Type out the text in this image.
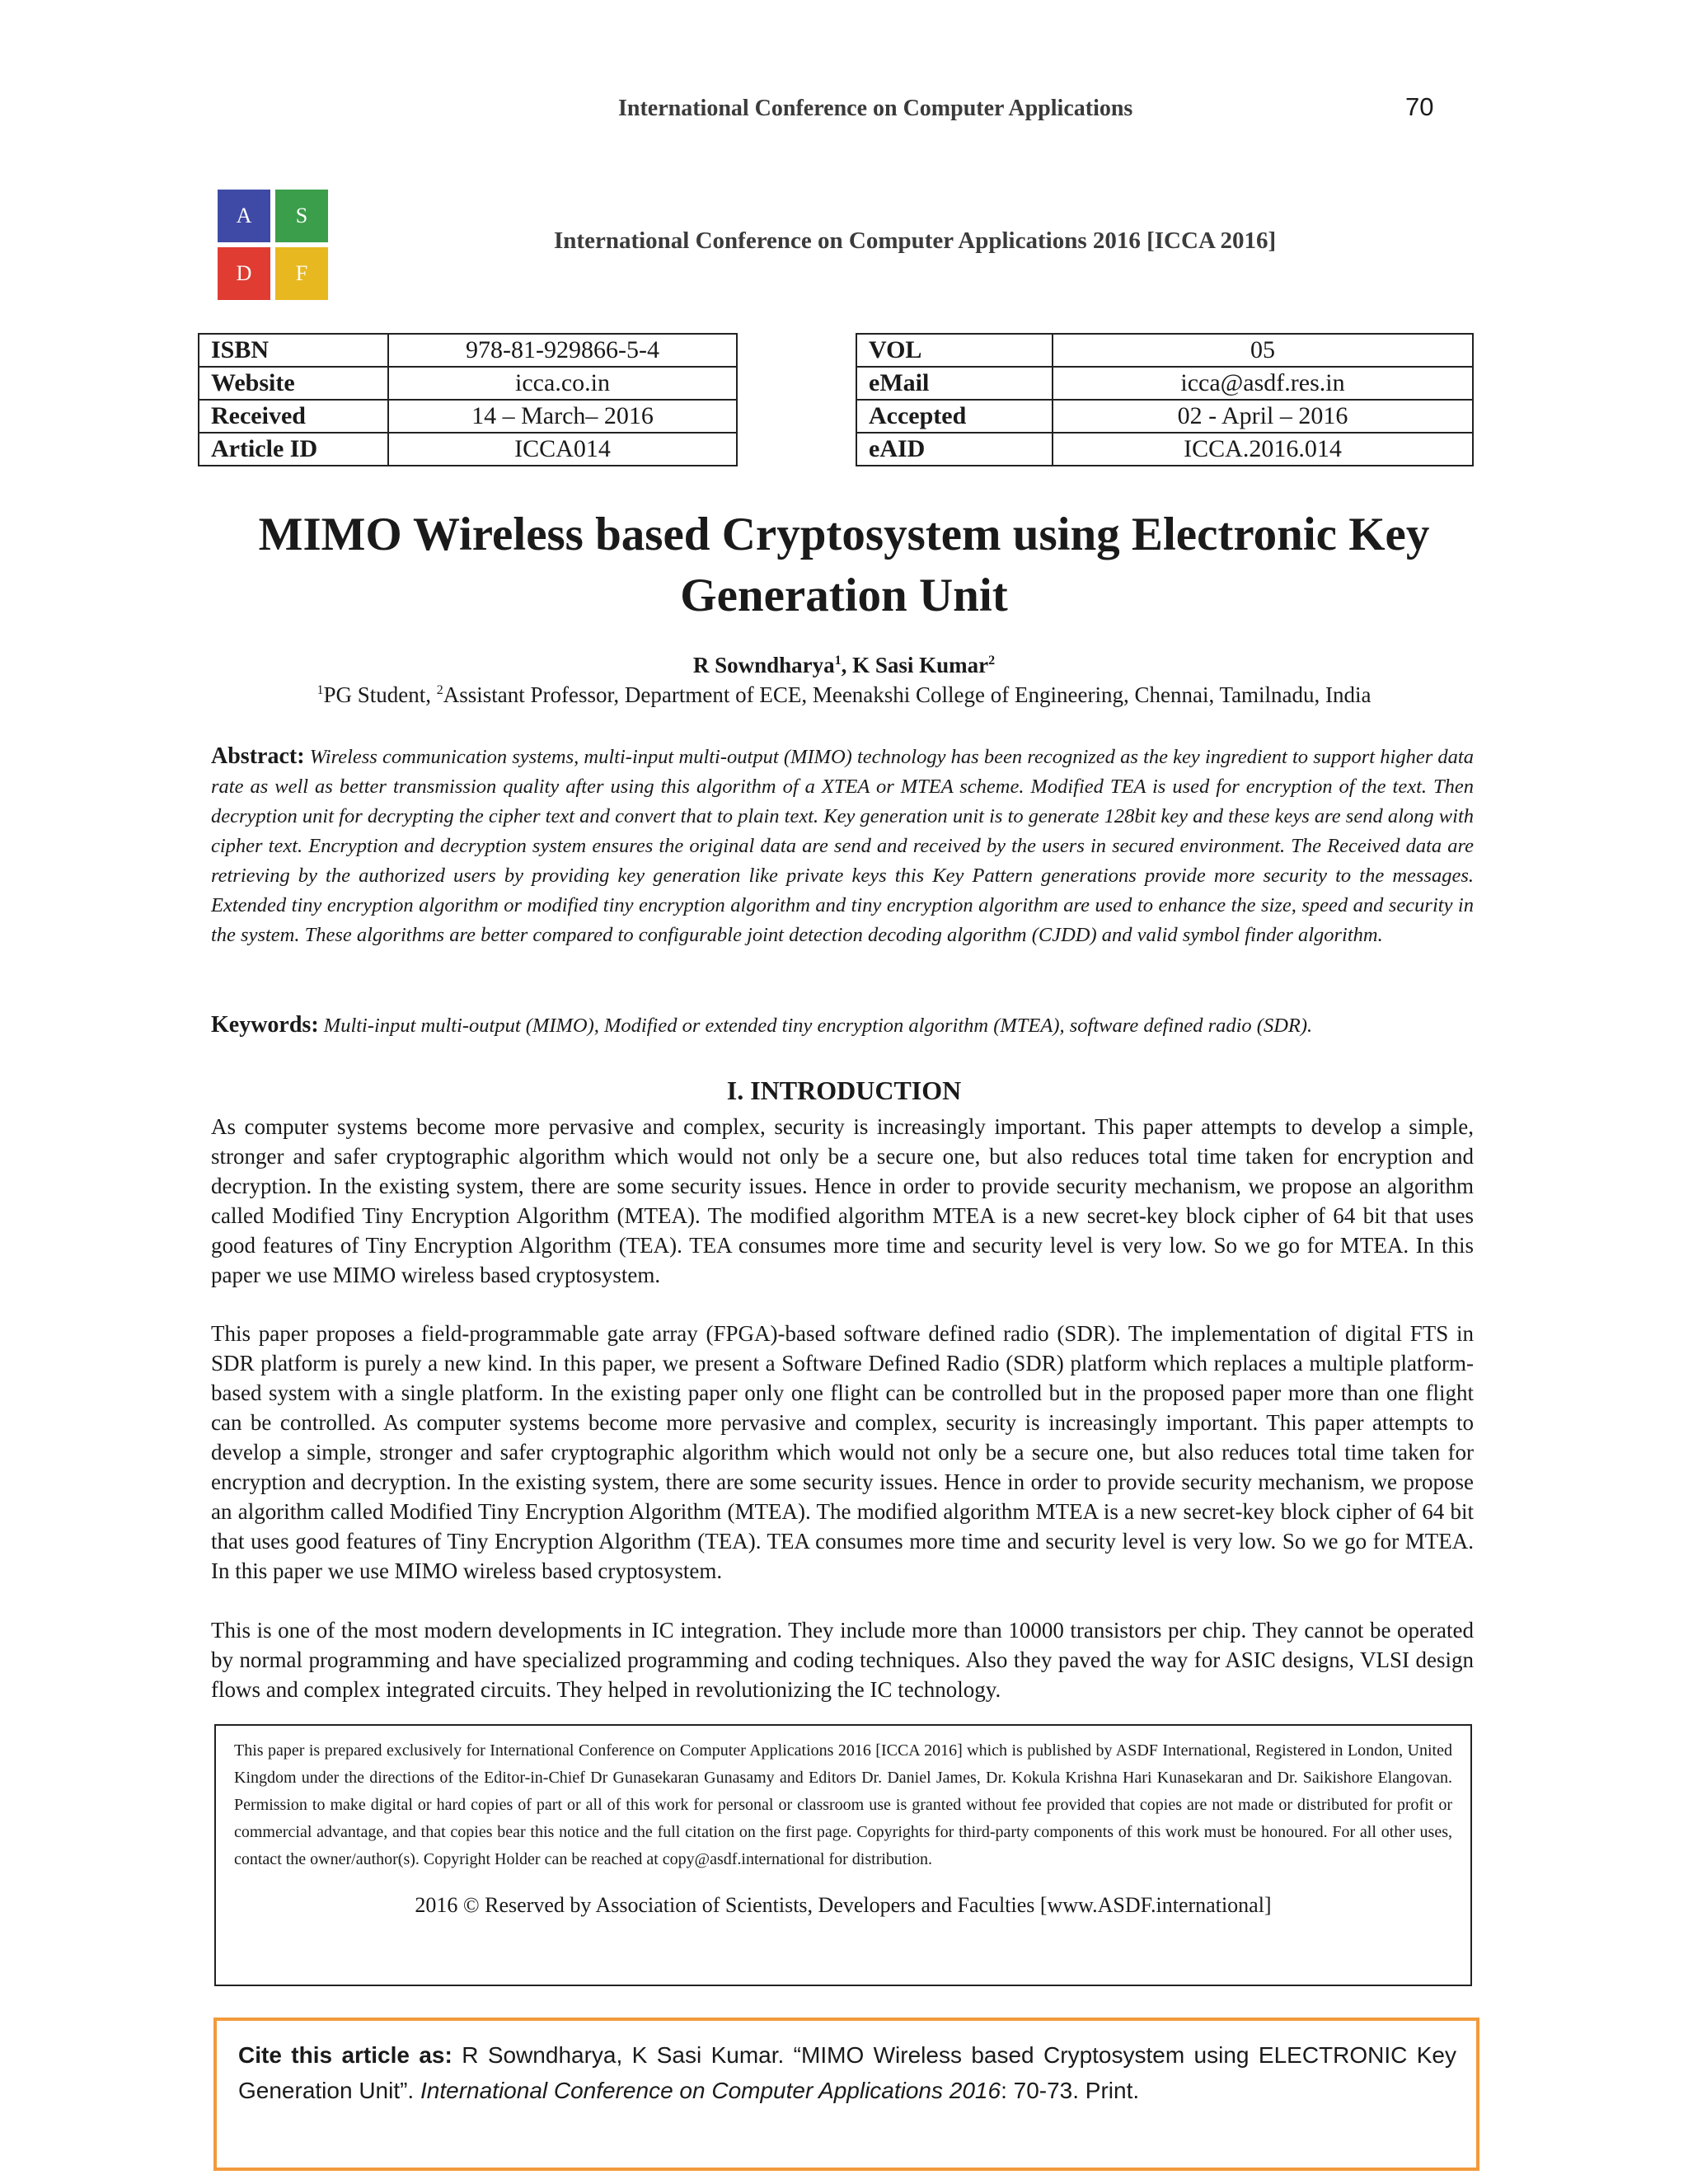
International Conference on Computer Applications	70
A	S
D	F
International Conference on Computer Applications 2016 [ICCA 2016]
ISBN	978-81-929866-5-4
Website	icca.co.in
Received	14 – March– 2016
Article ID	ICCA014
VOL	05
eMail	icca@asdf.res.in
Accepted	02 - April – 2016
eAID	ICCA.2016.014
MIMO Wireless based Cryptosystem using Electronic Key
Generation Unit
R Sowndharya$^1$, K Sasi Kumar$^2$
$^1$PG Student, $^2$Assistant Professor, Department of ECE, Meenakshi College of Engineering, Chennai, Tamilnadu, India
Abstract: Wireless communication systems, multi-input multi-output (MIMO) technology has been recognized as the key ingredient to support higher data rate as well as better transmission quality after using this algorithm of a XTEA or MTEA scheme. Modified TEA is used for encryption of the text. Then decryption unit for decrypting the cipher text and convert that to plain text. Key generation unit is to generate 128bit key and these keys are send along with cipher text. Encryption and decryption system ensures the original data are send and received by the users in secured environment. The Received data are retrieving by the authorized users by providing key generation like private keys this Key Pattern generations provide more security to the messages. Extended tiny encryption algorithm or modified tiny encryption algorithm and tiny encryption algorithm are used to enhance the size, speed and security in the system. These algorithms are better compared to configurable joint detection decoding algorithm (CJDD) and valid symbol finder algorithm.
Keywords: Multi-input multi-output (MIMO), Modified or extended tiny encryption algorithm (MTEA), software defined radio (SDR).
I. INTRODUCTION

As computer systems become more pervasive and complex, security is increasingly important. This paper attempts to develop a simple, stronger and safer cryptographic algorithm which would not only be a secure one, but also reduces total time taken for encryption and decryption. In the existing system, there are some security issues. Hence in order to provide security mechanism, we propose an algorithm called Modified Tiny Encryption Algorithm (MTEA). The modified algorithm MTEA is a new secret-key block cipher of 64 bit that uses good features of Tiny Encryption Algorithm (TEA). TEA consumes more time and security level is very low. So we go for MTEA. In this paper we use MIMO wireless based cryptosystem.

This paper proposes a field-programmable gate array (FPGA)-based software defined radio (SDR). The implementation of digital FTS in SDR platform is purely a new kind. In this paper, we present a Software Defined Radio (SDR) platform which replaces a multiple platform-based system with a single platform. In the existing paper only one flight can be controlled but in the proposed paper more than one flight can be controlled. As computer systems become more pervasive and complex, security is increasingly important. This paper attempts to develop a simple, stronger and safer cryptographic algorithm which would not only be a secure one, but also reduces total time taken for encryption and decryption. In the existing system, there are some security issues. Hence in order to provide security mechanism, we propose an algorithm called Modified Tiny Encryption Algorithm (MTEA). The modified algorithm MTEA is a new secret-key block cipher of 64 bit that uses good features of Tiny Encryption Algorithm (TEA). TEA consumes more time and security level is very low. So we go for MTEA. In this paper we use MIMO wireless based cryptosystem.

This is one of the most modern developments in IC integration. They include more than 10000 transistors per chip. They cannot be operated by normal programming and have specialized programming and coding techniques. Also they paved the way for ASIC designs, VLSI design flows and complex integrated circuits. They helped in revolutionizing the IC technology.

This paper is prepared exclusively for International Conference on Computer Applications 2016 [ICCA 2016] which is published by ASDF International, Registered in London, United Kingdom under the directions of the Editor-in-Chief Dr Gunasekaran Gunasamy and Editors Dr. Daniel James, Dr. Kokula Krishna Hari Kunasekaran and Dr. Saikishore Elangovan. Permission to make digital or hard copies of part or all of this work for personal or classroom use is granted without fee provided that copies are not made or distributed for profit or commercial advantage, and that copies bear this notice and the full citation on the first page. Copyrights for third-party components of this work must be honoured. For all other uses, contact the owner/author(s). Copyright Holder can be reached at copy@asdf.international for distribution.
2016 © Reserved by Association of Scientists, Developers and Faculties [www.ASDF.international]
Cite this article as: R Sowndharya, K Sasi Kumar. “MIMO Wireless based Cryptosystem using ELECTRONIC Key Generation Unit”. International Conference on Computer Applications 2016: 70-73. Print.
